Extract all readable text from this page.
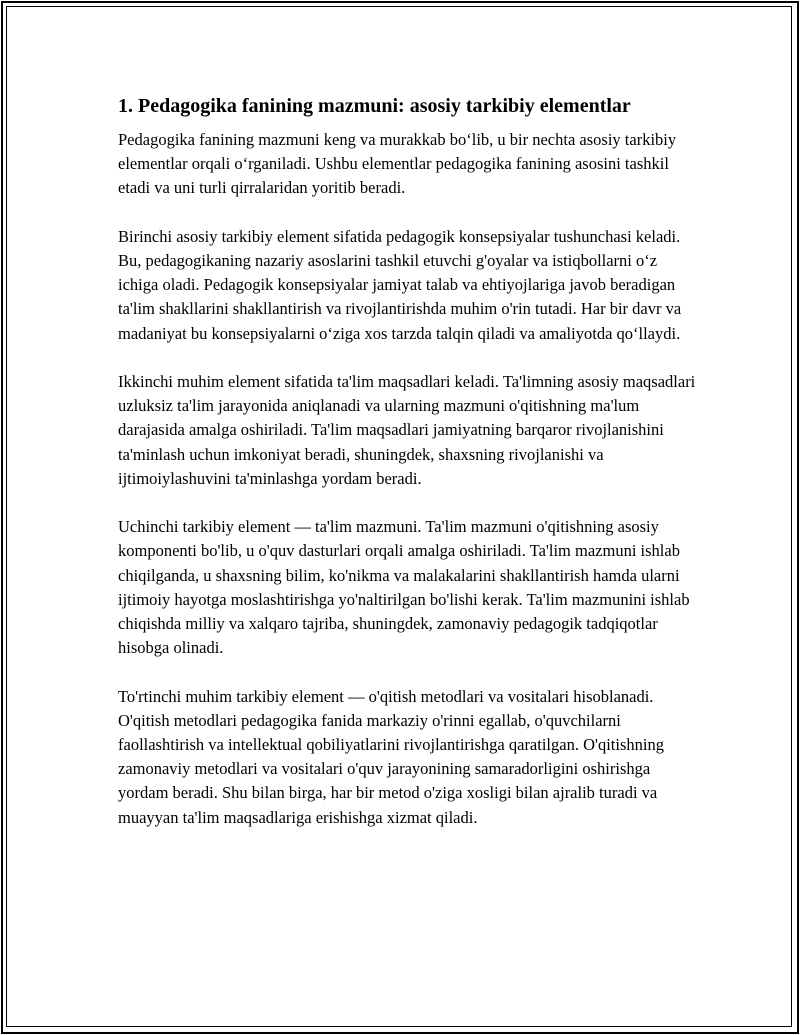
1. Pedagogika fanining mazmuni: asosiy tarkibiy elementlar

Pedagogika fanining mazmuni keng va murakkab bo‘lib, u bir nechta asosiy tarkibiy elementlar orqali o‘rganiladi. Ushbu elementlar pedagogika fanining asosini tashkil etadi va uni turli qirralaridan yoritib beradi.

Birinchi asosiy tarkibiy element sifatida pedagogik konsepsiyalar tushunchasi keladi. Bu, pedagogikaning nazariy asoslarini tashkil etuvchi g'oyalar va istiqbollarni o‘z ichiga oladi. Pedagogik konsepsiyalar jamiyat talab va ehtiyojlariga javob beradigan ta'lim shakllarini shakllantirish va rivojlantirishda muhim o'rin tutadi. Har bir davr va madaniyat bu konsepsiyalarni o‘ziga xos tarzda talqin qiladi va amaliyotda qo‘llaydi.

Ikkinchi muhim element sifatida ta'lim maqsadlari keladi. Ta'limning asosiy maqsadlari uzluksiz ta'lim jarayonida aniqlanadi va ularning mazmuni o'qitishning ma'lum darajasida amalga oshiriladi. Ta'lim maqsadlari jamiyatning barqaror rivojlanishini ta'minlash uchun imkoniyat beradi, shuningdek, shaxsning rivojlanishi va ijtimoiylashuvini ta'minlashga yordam beradi.

Uchinchi tarkibiy element — ta'lim mazmuni. Ta'lim mazmuni o'qitishning asosiy komponenti bo'lib, u o'quv dasturlari orqali amalga oshiriladi. Ta'lim mazmuni ishlab chiqilganda, u shaxsning bilim, ko'nikma va malakalarini shakllantirish hamda ularni ijtimoiy hayotga moslashtirishga yo'naltirilgan bo'lishi kerak. Ta'lim mazmunini ishlab chiqishda milliy va xalqaro tajriba, shuningdek, zamonaviy pedagogik tadqiqotlar hisobga olinadi.

To'rtinchi muhim tarkibiy element — o'qitish metodlari va vositalari hisoblanadi. O'qitish metodlari pedagogika fanida markaziy o'rinni egallab, o'quvchilarni faollashtirish va intellektual qobiliyatlarini rivojlantirishga qaratilgan. O'qitishning zamonaviy metodlari va vositalari o'quv jarayonining samaradorligini oshirishga yordam beradi. Shu bilan birga, har bir metod o'ziga xosligi bilan ajralib turadi va muayyan ta'lim maqsadlariga erishishga xizmat qiladi.
